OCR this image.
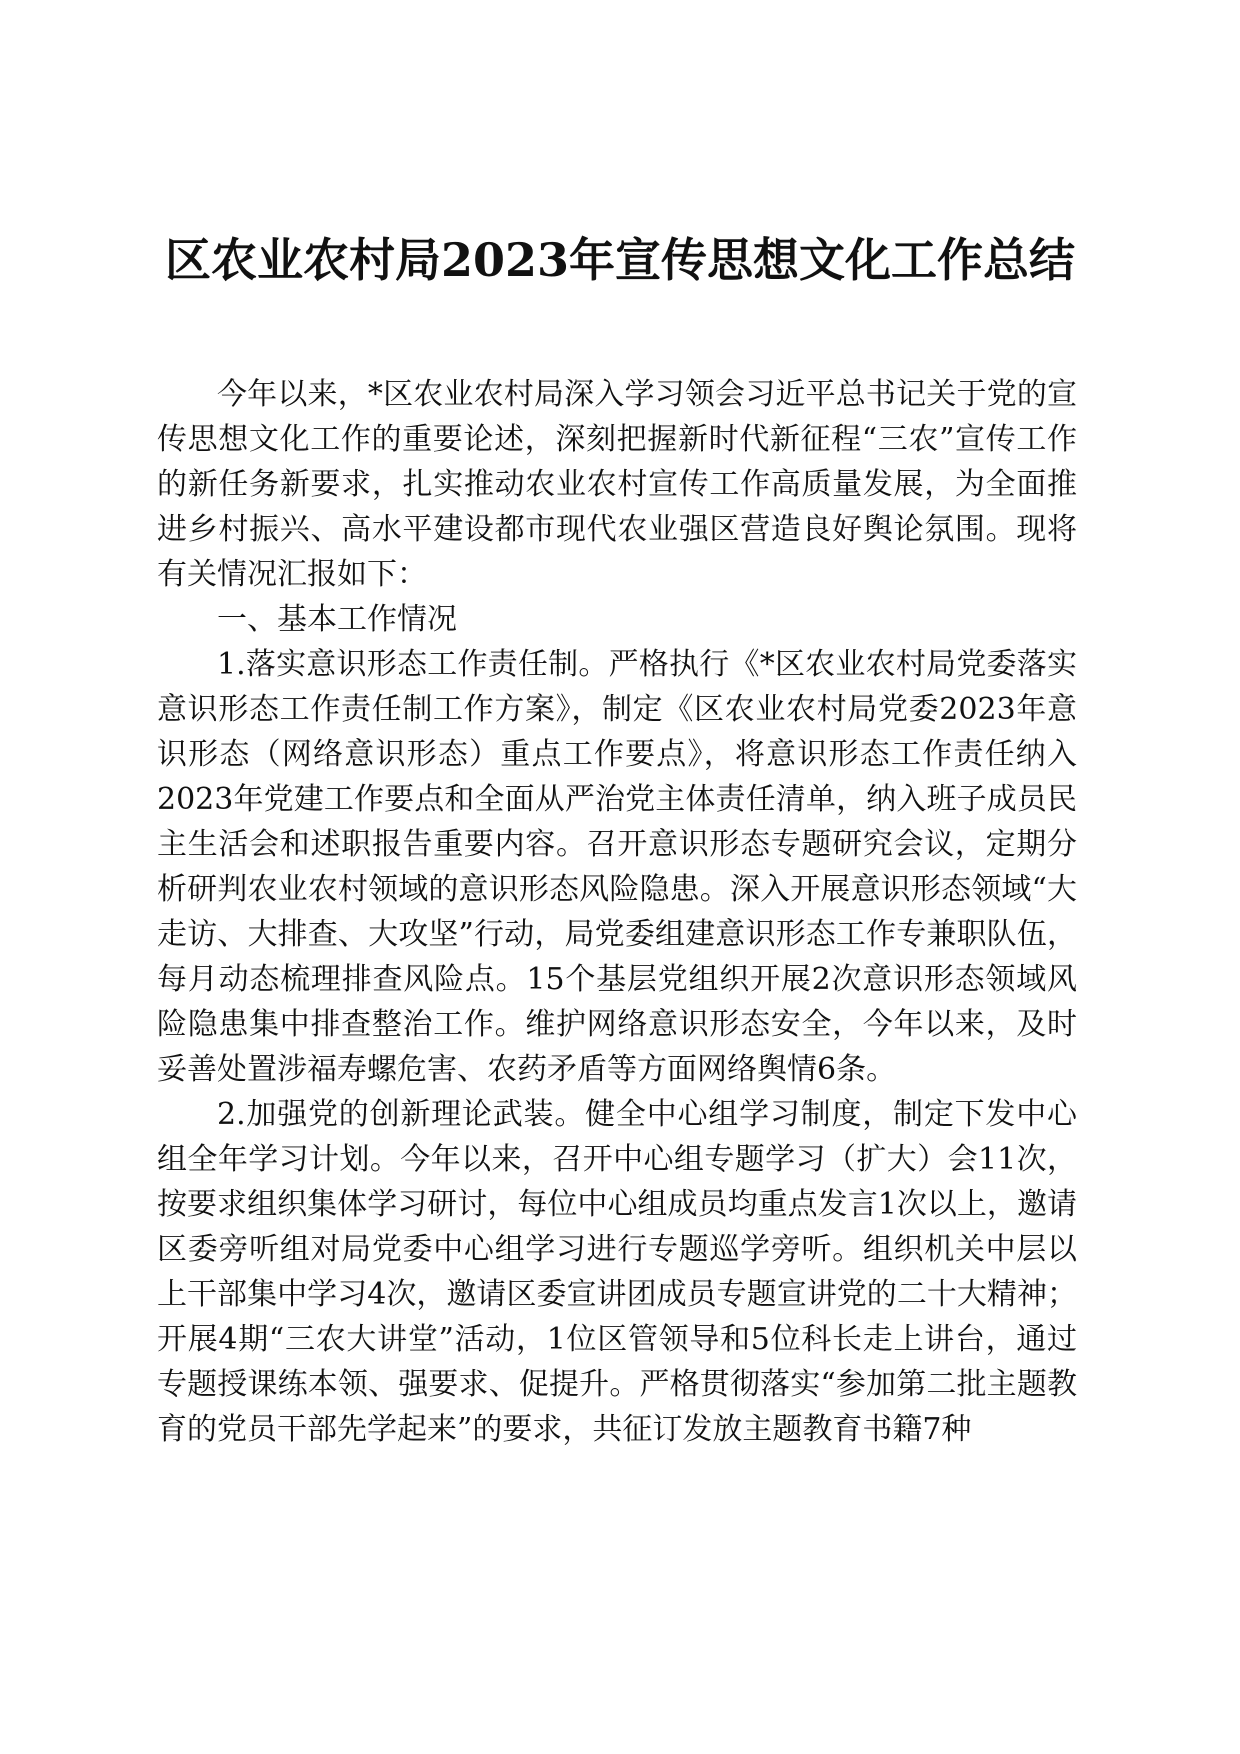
区农业农村局2023年宣传思想文化工作总结

今年以来，*区农业农村局深入学习领会习近平总书记关于党的宣传思想文化工作的重要论述，深刻把握新时代新征程“三农”宣传工作的新任务新要求，扎实推动农业农村宣传工作高质量发展，为全面推进乡村振兴、高水平建设都市现代农业强区营造良好舆论氛围。现将有关情况汇报如下：

一、基本工作情况

1.落实意识形态工作责任制。严格执行《*区农业农村局党委落实意识形态工作责任制工作方案》，制定《区农业农村局党委2023年意识形态（网络意识形态）重点工作要点》，将意识形态工作责任纳入2023年党建工作要点和全面从严治党主体责任清单，纳入班子成员民主生活会和述职报告重要内容。召开意识形态专题研究会议，定期分析研判农业农村领域的意识形态风险隐患。深入开展意识形态领域“大走访、大排查、大攻坚”行动，局党委组建意识形态工作专兼职队伍，每月动态梳理排查风险点。15个基层党组织开展2次意识形态领域风险隐患集中排查整治工作。维护网络意识形态安全，今年以来，及时妥善处置涉福寿螺危害、农药矛盾等方面网络舆情6条。

2.加强党的创新理论武装。健全中心组学习制度，制定下发中心组全年学习计划。今年以来，召开中心组专题学习（扩大）会11次，按要求组织集体学习研讨，每位中心组成员均重点发言1次以上，邀请区委旁听组对局党委中心组学习进行专题巡学旁听。组织机关中层以上干部集中学习4次，邀请区委宣讲团成员专题宣讲党的二十大精神；开展4期“三农大讲堂”活动，1位区管领导和5位科长走上讲台，通过专题授课练本领、强要求、促提升。严格贯彻落实“参加第二批主题教育的党员干部先学起来”的要求，共征订发放主题教育书籍7种
